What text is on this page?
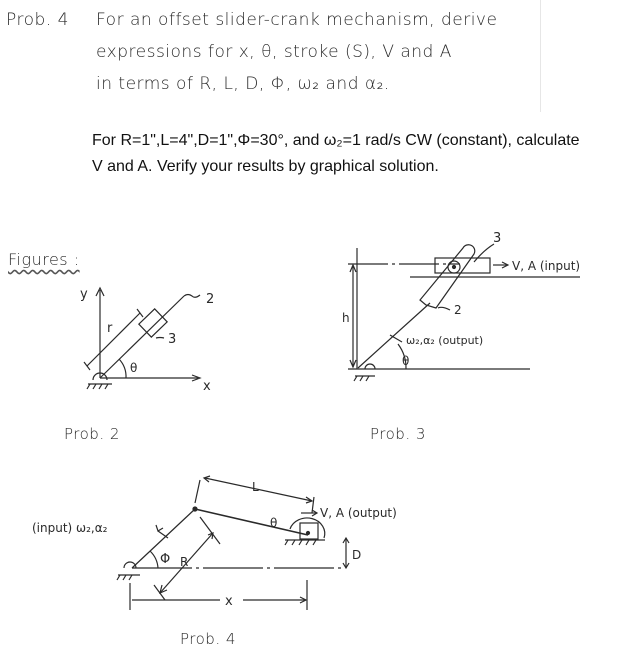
Prob. 4 For an offset slider-crank mechanism, derive
expressions for x, θ, stroke (S), V and A
in terms of R, L, D, Φ, ω₂ and α₂.
For R=1",L=4",D=1",Φ=30°, and ω₂=1 rad/s CW (constant), calculate
V and A. Verify your results by graphical solution.
Figures :
y
x
r
θ
2
3
Prob. 2
3
V, A (input)
2
ω₂,α₂ (output)
h
θ
Prob. 3
(input) ω₂,α₂
L
θ
V, A (output)
Φ R	D
x
Prob. 4
